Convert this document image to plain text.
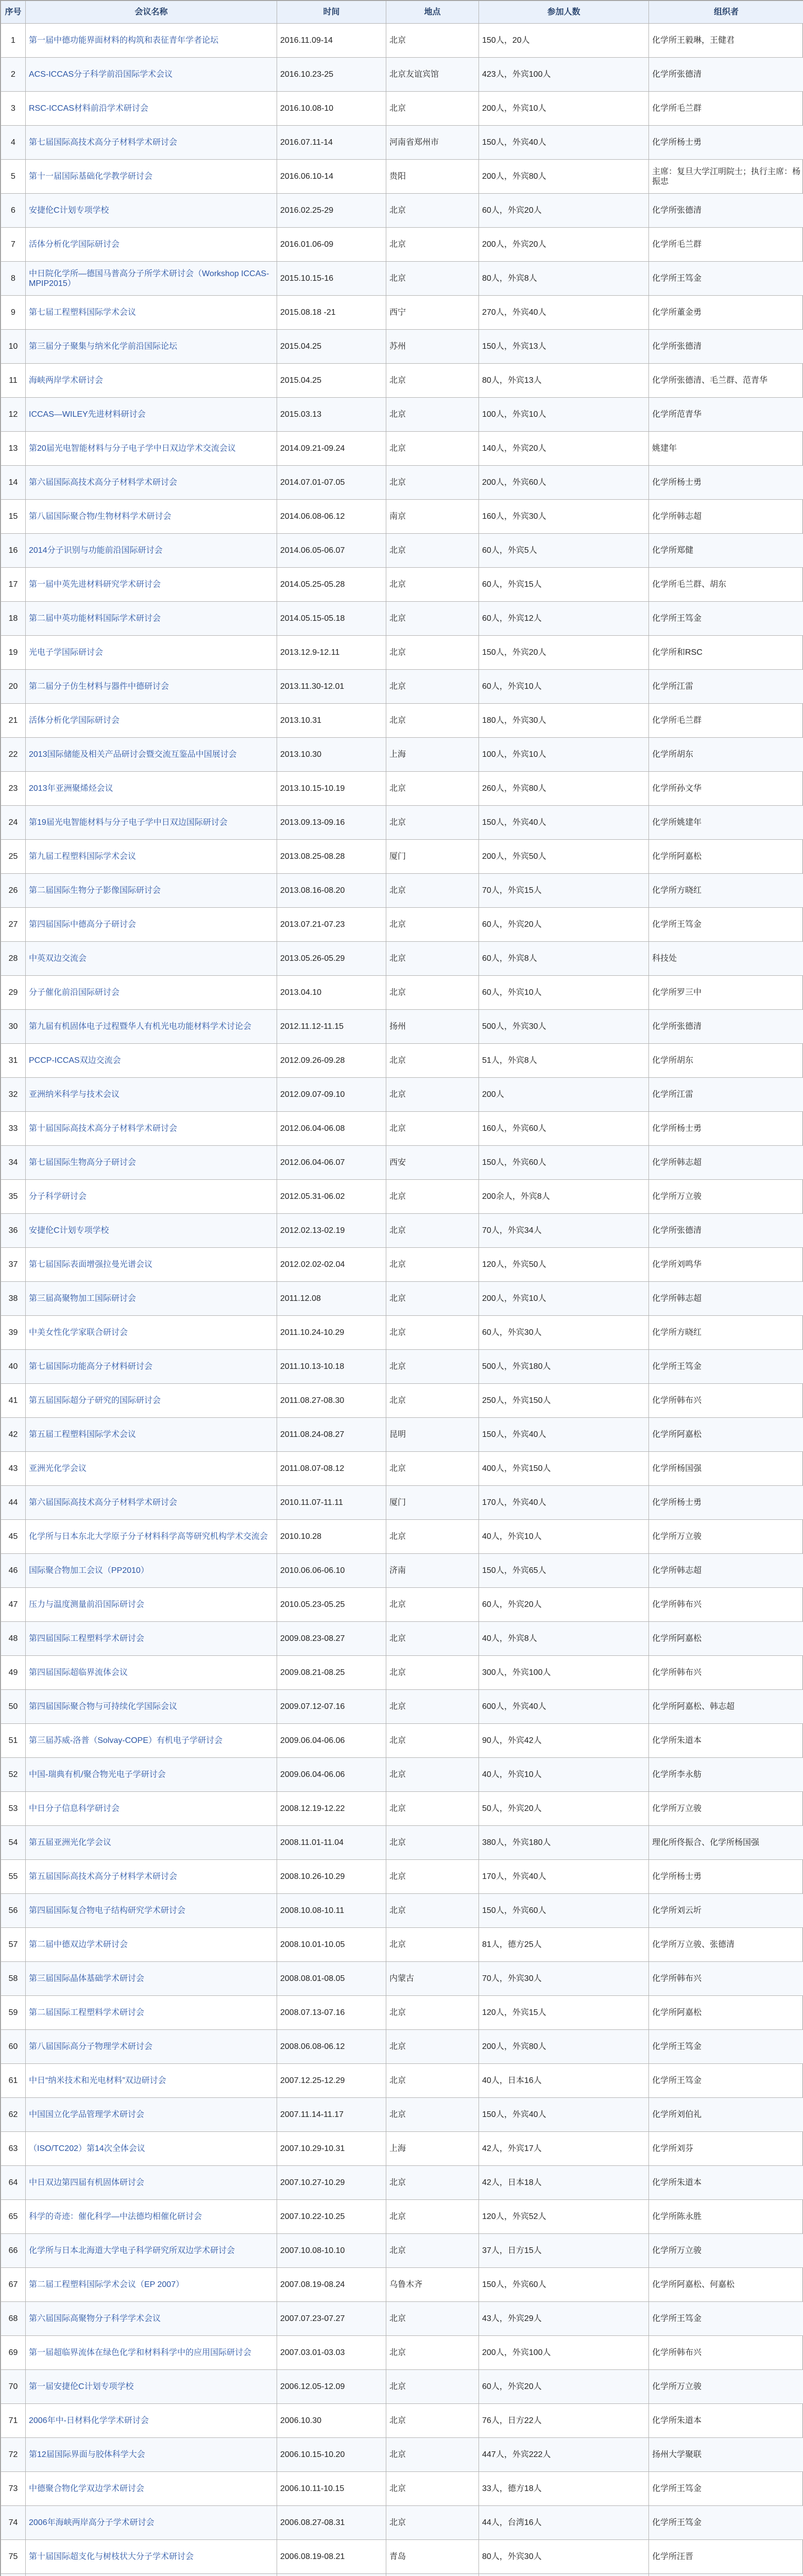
序号	会议名称	时间	地点	参加人数	组织者
1	第一届中德功能界面材料的构筑和表征青年学者论坛	2016.11.09-14	北京	150人，20人	化学所王毅琳，王健君
2	ACS-ICCAS分子科学前沿国际学术会议	2016.10.23-25	北京友谊宾馆	423人，外宾100人	化学所张德清
3	RSC-ICCAS材料前沿学术研讨会	2016.10.08-10	北京	200人，外宾10人	化学所毛兰群
4	第七届国际高技术高分子材料学术研讨会	2016.07.11-14	河南省郑州市	150人，外宾40人	化学所杨士勇
5	第十一届国际基础化学教学研讨会	2016.06.10-14	贵阳	200人，外宾80人	主席：复旦大学江明院士；执行主席：杨振忠
6	安捷伦C计划专项学校	2016.02.25-29	北京	60人，外宾20人	化学所张德清
7	活体分析化学国际研讨会	2016.01.06-09	北京	200人，外宾20人	化学所毛兰群
8	中日院化学所—德国马普高分子所学术研讨会（Workshop ICCAS-MPIP2015）	2015.10.15-16	北京	80人，外宾8人	化学所王笃金
9	第七届工程塑料国际学术会议	2015.08.18 -21	西宁	270人，外宾40人	化学所董金勇
10	第三届分子聚集与纳米化学前沿国际论坛	2015.04.25	苏州	150人，外宾13人	化学所张德清
11	海峡两岸学术研讨会	2015.04.25	北京	80人，外宾13人	化学所张德清、毛兰群、范青华
12	ICCAS—WILEY先进材料研讨会	2015.03.13	北京	100人，外宾10人	化学所范青华
13	第20届光电智能材料与分子电子学中日双边学术交流会议	2014.09.21-09.24	北京	140人，外宾20人	姚建年
14	第六届国际高技术高分子材料学术研讨会	2014.07.01-07.05	北京	200人，外宾60人	化学所杨士勇
15	第八届国际聚合物/生物材料学术研讨会	2014.06.08-06.12	南京	160人，外宾30人	化学所韩志超
16	2014分子识别与功能前沿国际研讨会	2014.06.05-06.07	北京	60人，外宾5人	化学所郑健
17	第一届中英先进材料研究学术研讨会	2014.05.25-05.28	北京	60人，外宾15人	化学所毛兰群、胡东
18	第二届中英功能材料国际学术研讨会	2014.05.15-05.18	北京	60人，外宾12人	化学所王笃金
19	光电子学国际研讨会	2013.12.9-12.11	北京	150人，外宾20人	化学所和RSC
20	第二届分子仿生材料与器件中德研讨会	2013.11.30-12.01	北京	60人，外宾10人	化学所江雷
21	活体分析化学国际研讨会	2013.10.31	北京	180人，外宾30人	化学所毛兰群
22	2013国际储能及相关产品研讨会暨交流互鉴品中国展讨会	2013.10.30	上海	100人，外宾10人	化学所胡东
23	2013年亚洲聚烯烃会议	2013.10.15-10.19	北京	260人，外宾80人	化学所孙文华
24	第19届光电智能材料与分子电子学中日双边国际研讨会	2013.09.13-09.16	北京	150人，外宾40人	化学所姚建年
25	第九届工程塑料国际学术会议	2013.08.25-08.28	厦门	200人，外宾50人	化学所阿嘉松
26	第二届国际生物分子影像国际研讨会	2013.08.16-08.20	北京	70人，外宾15人	化学所方晓红
27	第四届国际中德高分子研讨会	2013.07.21-07.23	北京	60人，外宾20人	化学所王笃金
28	中英双边交流会	2013.05.26-05.29	北京	60人，外宾8人	科技处
29	分子催化前沿国际研讨会	2013.04.10	北京	60人，外宾10人	化学所罗三中
30	第九届有机固体电子过程暨华人有机光电功能材料学术讨论会	2012.11.12-11.15	扬州	500人，外宾30人	化学所张德清
31	PCCP-ICCAS双边交流会	2012.09.26-09.28	北京	51人，外宾8人	化学所胡东
32	亚洲纳米科学与技术会议	2012.09.07-09.10	北京	200人	化学所江雷
33	第十届国际高技术高分子材料学术研讨会	2012.06.04-06.08	北京	160人，外宾60人	化学所杨士勇
34	第七届国际生物高分子研讨会	2012.06.04-06.07	西安	150人，外宾60人	化学所韩志超
35	分子科学研讨会	2012.05.31-06.02	北京	200余人，外宾8人	化学所万立骏
36	安捷伦C计划专项学校	2012.02.13-02.19	北京	70人，外宾34人	化学所张德清
37	第七届国际表面增强拉曼光谱会议	2012.02.02-02.04	北京	120人，外宾50人	化学所刘鸣华
38	第三届高聚物加工国际研讨会	2011.12.08	北京	200人，外宾10人	化学所韩志超
39	中美女性化学家联合研讨会	2011.10.24-10.29	北京	60人，外宾30人	化学所方晓红
40	第七届国际功能高分子材料研讨会	2011.10.13-10.18	北京	500人，外宾180人	化学所王笃金
41	第五届国际超分子研究的国际研讨会	2011.08.27-08.30	北京	250人，外宾150人	化学所韩布兴
42	第五届工程塑料国际学术会议	2011.08.24-08.27	昆明	150人，外宾40人	化学所阿嘉松
43	亚洲光化学会议	2011.08.07-08.12	北京	400人，外宾150人	化学所杨国强
44	第六届国际高技术高分子材料学术研讨会	2010.11.07-11.11	厦门	170人，外宾40人	化学所杨士勇
45	化学所与日本东北大学原子分子材料科学高等研究机构学术交流会	2010.10.28	北京	40人，外宾10人	化学所万立骏
46	国际聚合物加工会议（PP2010）	2010.06.06-06.10	济南	150人，外宾65人	化学所韩志超
47	压力与温度测量前沿国际研讨会	2010.05.23-05.25	北京	60人，外宾20人	化学所韩布兴
48	第四届国际工程塑料学术研讨会	2009.08.23-08.27	北京	40人，外宾8人	化学所阿嘉松
49	第四届国际超临界流体会议	2009.08.21-08.25	北京	300人，外宾100人	化学所韩布兴
50	第四届国际聚合物与可持续化学国际会议	2009.07.12-07.16	北京	600人，外宾40人	化学所阿嘉松、韩志超
51	第三届苏威-洛普（Solvay-COPE）有机电子学研讨会	2009.06.04-06.06	北京	90人，外宾42人	化学所朱道本
52	中国-瑞典有机/聚合物光电子学研讨会	2009.06.04-06.06	北京	40人，外宾10人	化学所李永舫
53	中日分子信息科学研讨会	2008.12.19-12.22	北京	50人，外宾20人	化学所万立骏
54	第五届亚洲光化学会议	2008.11.01-11.04	北京	380人，外宾180人	理化所佟振合、化学所杨国强
55	第五届国际高技术高分子材料学术研讨会	2008.10.26-10.29	北京	170人，外宾40人	化学所杨士勇
56	第四届国际复合物电子结构研究学术研讨会	2008.10.08-10.11	北京	150人，外宾60人	化学所刘云圻
57	第二届中德双边学术研讨会	2008.10.01-10.05	北京	81人，德方25人	化学所万立骏、张德清
58	第三届国际晶体基础学术研讨会	2008.08.01-08.05	内蒙古	70人，外宾30人	化学所韩布兴
59	第二届国际工程塑料学术研讨会	2008.07.13-07.16	北京	120人，外宾15人	化学所阿嘉松
60	第八届国际高分子物理学术研讨会	2008.06.08-06.12	北京	200人，外宾80人	化学所王笃金
61	中日“纳米技术和光电材料”双边研讨会	2007.12.25-12.29	北京	40人，日本16人	化学所王笃金
62	中国国立化学品管理学术研讨会	2007.11.14-11.17	北京	150人，外宾40人	化学所刘伯礼
63	（ISO/TC202）第14次全体会议	2007.10.29-10.31	上海	42人，外宾17人	化学所刘芬
64	中日双边第四届有机固体研讨会	2007.10.27-10.29	北京	42人，日本18人	化学所朱道本
65	科学的奇迹：催化科学—中法德均相催化研讨会	2007.10.22-10.25	北京	120人，外宾52人	化学所陈永胜
66	化学所与日本北海道大学电子科学研究所双边学术研讨会	2007.10.08-10.10	北京	37人，日方15人	化学所万立骏
67	第二届工程塑料国际学术会议（EP 2007）	2007.08.19-08.24	乌鲁木齐	150人，外宾60人	化学所阿嘉松、何嘉松
68	第六届国际高聚物分子科学学术会议	2007.07.23-07.27	北京	43人，外宾29人	化学所王笃金
69	第一届超临界流体在绿色化学和材料科学中的应用国际研讨会	2007.03.01-03.03	北京	200人，外宾100人	化学所韩布兴
70	第一届安捷伦C计划专项学校	2006.12.05-12.09	北京	60人，外宾20人	化学所万立骏
71	2006年中-日材料化学学术研讨会	2006.10.30	北京	76人，日方22人	化学所朱道本
72	第12届国际界面与胶体科学大会	2006.10.15-10.20	北京	447人，外宾222人	扬州大学聚联
73	中德聚合物化学双边学术研讨会	2006.10.11-10.15	北京	33人，德方18人	化学所王笃金
74	2006年海峡两岸高分子学术研讨会	2006.08.27-08.31	北京	44人，台湾16人	化学所王笃金
75	第十届国际超支化与树枝状大分子学术研讨会	2006.08.19-08.21	青岛	80人，外宾30人	化学所汪晋
